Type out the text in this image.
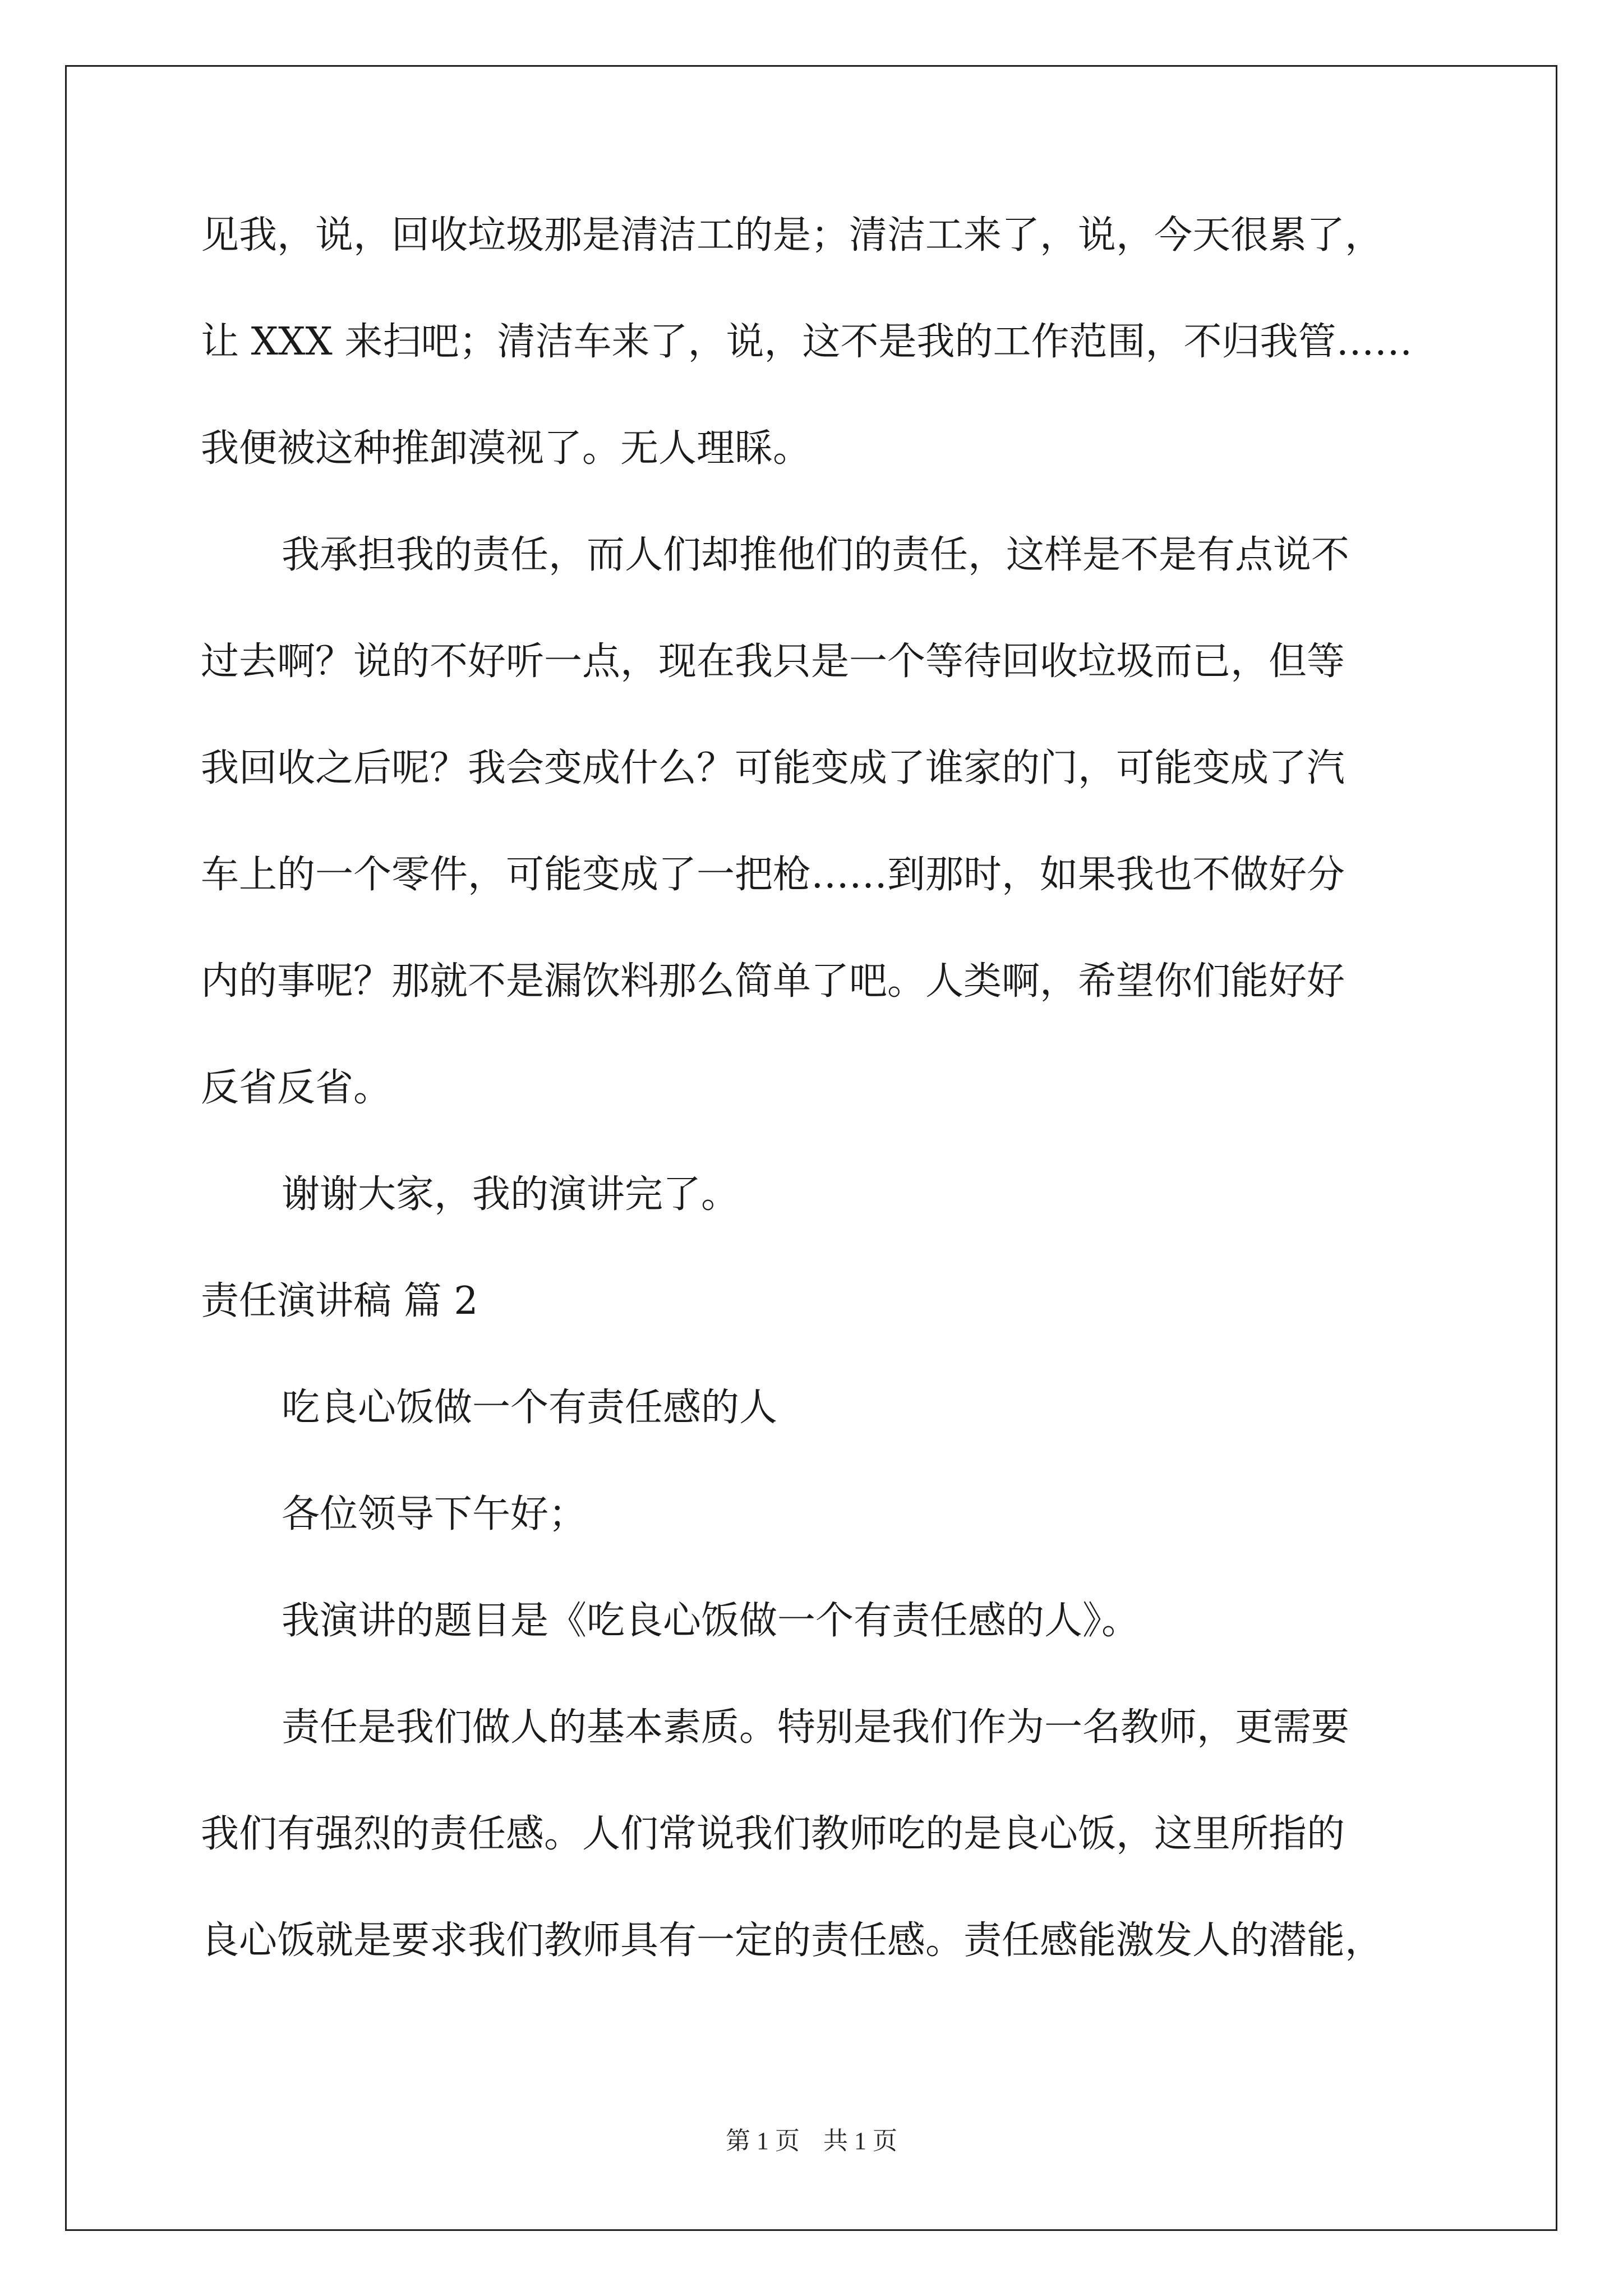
见我，说，回收垃圾那是清洁工的是；清洁工来了，说，今天很累了，
让 XXX 来扫吧；清洁车来了，说，这不是我的工作范围，不归我管……
我便被这种推卸漠视了。无人理睬。
我承担我的责任，而人们却推他们的责任，这样是不是有点说不
过去啊？说的不好听一点，现在我只是一个等待回收垃圾而已，但等
我回收之后呢？我会变成什么？可能变成了谁家的门，可能变成了汽
车上的一个零件，可能变成了一把枪……到那时，如果我也不做好分
内的事呢？那就不是漏饮料那么简单了吧。人类啊，希望你们能好好
反省反省。
谢谢大家，我的演讲完了。
责任演讲稿 篇 2
吃良心饭做一个有责任感的人
各位领导下午好；
我演讲的题目是《吃良心饭做一个有责任感的人》。
责任是我们做人的基本素质。特别是我们作为一名教师，更需要
我们有强烈的责任感。人们常说我们教师吃的是良心饭，这里所指的
良心饭就是要求我们教师具有一定的责任感。责任感能激发人的潜能，
第 1 页 共 1 页
